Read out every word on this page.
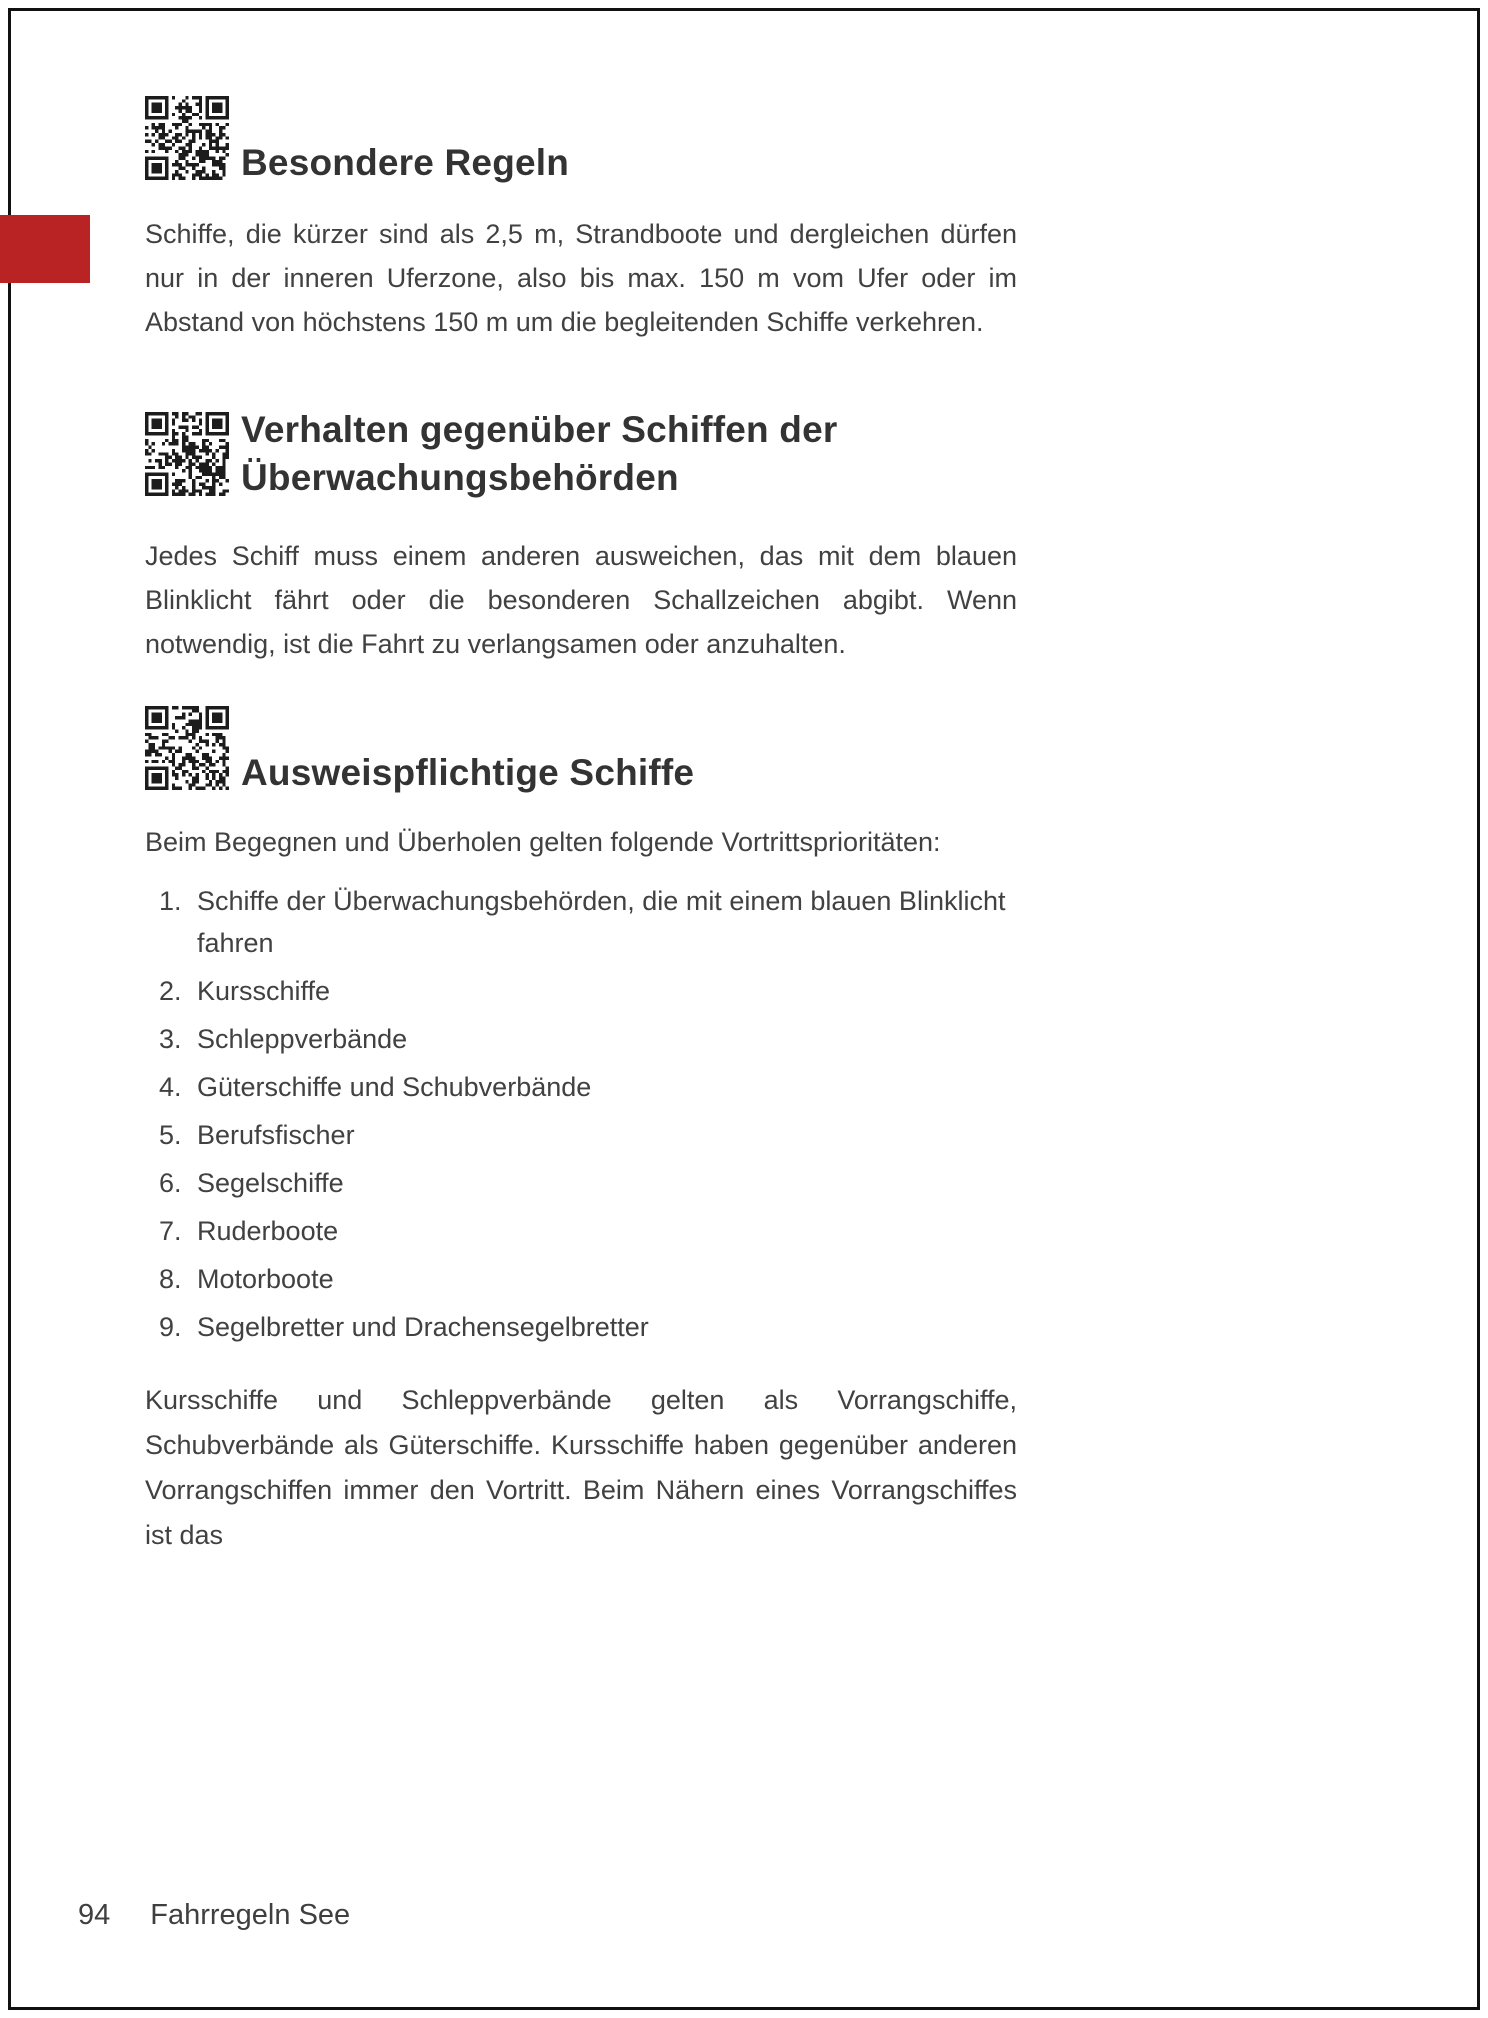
Besondere Regeln

Schiffe, die kürzer sind als 2,5 m, Strandboote und dergleichen dürfen nur in der inneren Uferzone, also bis max. 150 m vom Ufer oder im Abstand von höchstens 150 m um die begleitenden Schiffe verkehren.

Verhalten gegenüber Schiffen der Überwachungsbehörden

Jedes Schiff muss einem anderen ausweichen, das mit dem blauen Blinklicht fährt oder die besonderen Schallzeichen abgibt. Wenn notwendig, ist die Fahrt zu verlangsamen oder anzuhalten.

Ausweispflichtige Schiffe

Beim Begegnen und Überholen gelten folgende Vortrittsprioritäten:

Schiffe der Überwachungsbehörden, die mit einem blauen Blinklicht fahren
Kursschiffe
Schleppverbände
Güterschiffe und Schubverbände
Berufsfischer
Segelschiffe
Ruderboote
Motorboote
Segelbretter und Drachensegelbretter

Kursschiffe und Schleppverbände gelten als Vorrangschiffe, Schubverbände als Güterschiffe. Kursschiffe haben gegenüber anderen Vorrangschiffen immer den Vortritt. Beim Nähern eines Vorrangschiffes ist das

94 Fahrregeln See
